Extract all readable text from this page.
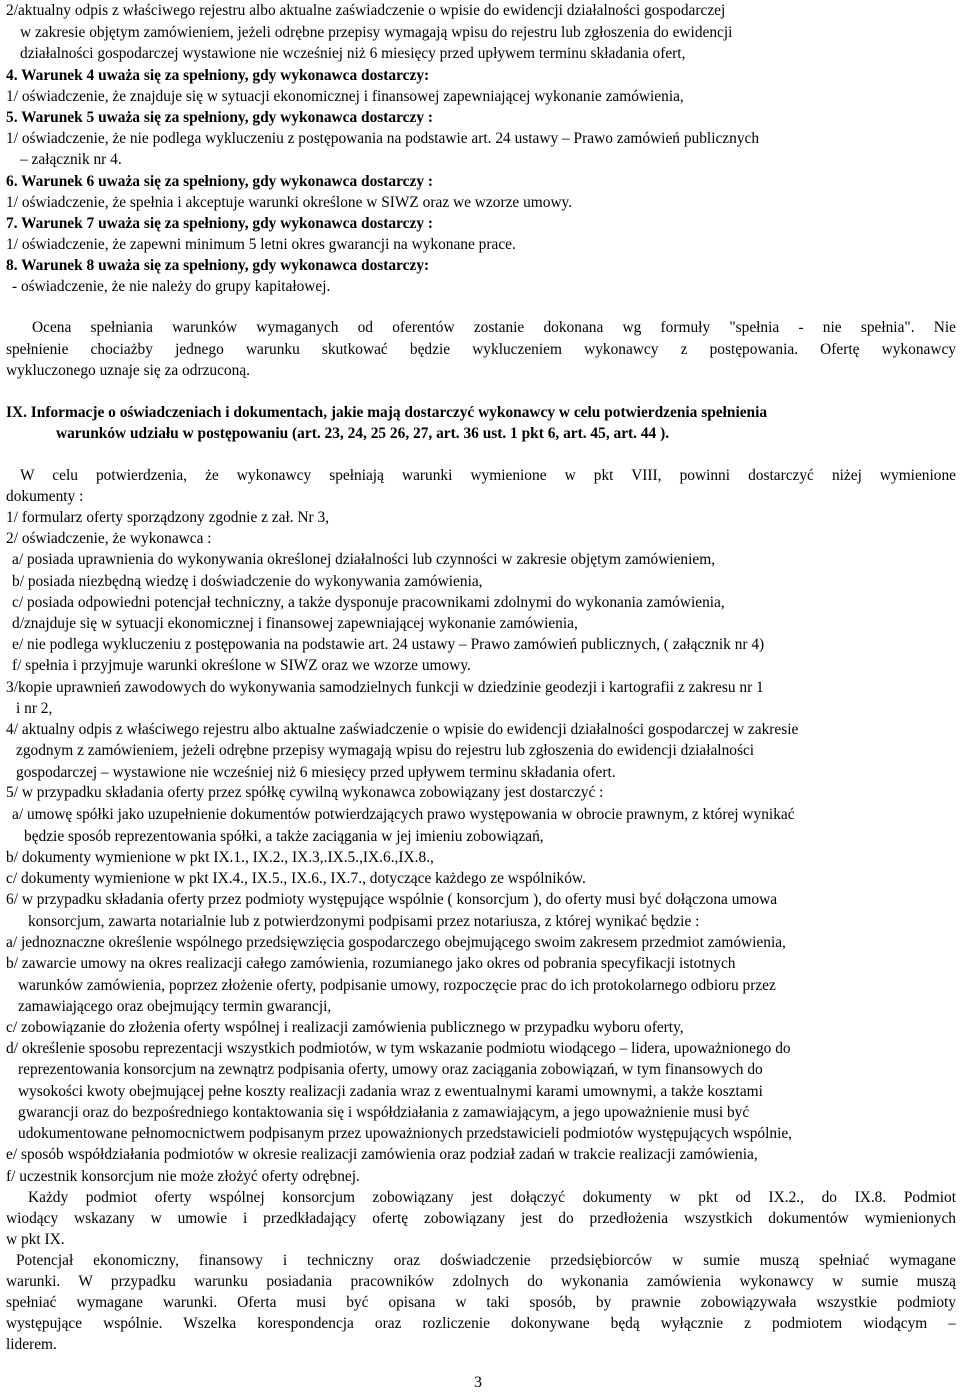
2/aktualny odpis z właściwego rejestru albo aktualne zaświadczenie o wpisie do ewidencji działalności gospodarczej
w zakresie objętym zamówieniem, jeżeli odrębne przepisy wymagają wpisu do rejestru lub zgłoszenia do ewidencji
działalności gospodarczej wystawione nie wcześniej niż 6 miesięcy przed upływem terminu składania ofert,
4. Warunek 4 uważa się za spełniony, gdy wykonawca dostarczy:
1/ oświadczenie, że znajduje się w sytuacji ekonomicznej i finansowej zapewniającej wykonanie zamówienia,
5. Warunek 5 uważa się za spełniony, gdy wykonawca dostarczy :
1/ oświadczenie, że nie podlega wykluczeniu z postępowania na podstawie art. 24 ustawy – Prawo zamówień publicznych
– załącznik nr 4.
6. Warunek 6 uważa się za spełniony, gdy wykonawca dostarczy :
1/ oświadczenie, że spełnia i akceptuje warunki określone w SIWZ oraz we wzorze umowy.
7. Warunek 7 uważa się za spełniony, gdy wykonawca dostarczy :
1/ oświadczenie, że zapewni minimum 5 letni okres gwarancji na wykonane prace.
8. Warunek 8 uważa się za spełniony, gdy wykonawca dostarczy:
- oświadczenie, że nie należy do grupy kapitałowej.
Ocena spełniania warunków wymaganych od oferentów zostanie dokonana wg formuły "spełnia - nie spełnia". Nie
spełnienie chociażby jednego warunku skutkować będzie wykluczeniem wykonawcy z postępowania. Ofertę wykonawcy
wykluczonego uznaje się za odrzuconą.
IX. Informacje o oświadczeniach i dokumentach, jakie mają dostarczyć wykonawcy w celu potwierdzenia spełnienia
warunków udziału w postępowaniu (art. 23, 24, 25 26, 27, art. 36 ust. 1 pkt 6, art. 45, art. 44 ).
W celu potwierdzenia, że wykonawcy spełniają warunki wymienione w pkt VIII, powinni dostarczyć niżej wymienione
dokumenty :
1/ formularz oferty sporządzony zgodnie z zał. Nr 3,
2/ oświadczenie, że wykonawca :
a/ posiada uprawnienia do wykonywania określonej działalności lub czynności w zakresie objętym zamówieniem,
b/ posiada niezbędną wiedzę i doświadczenie do wykonywania zamówienia,
c/ posiada odpowiedni potencjał techniczny, a także dysponuje pracownikami zdolnymi do wykonania zamówienia,
d/znajduje się w sytuacji ekonomicznej i finansowej zapewniającej wykonanie zamówienia,
e/ nie podlega wykluczeniu z postępowania na podstawie art. 24 ustawy – Prawo zamówień publicznych, ( załącznik nr 4)
f/ spełnia i przyjmuje warunki określone w SIWZ oraz we wzorze umowy.
3/kopie uprawnień zawodowych do wykonywania samodzielnych funkcji w dziedzinie geodezji i kartografii z zakresu nr 1
i nr 2,
4/ aktualny odpis z właściwego rejestru albo aktualne zaświadczenie o wpisie do ewidencji działalności gospodarczej w zakresie
zgodnym z zamówieniem, jeżeli odrębne przepisy wymagają wpisu do rejestru lub zgłoszenia do ewidencji działalności
gospodarczej – wystawione nie wcześniej niż 6 miesięcy przed upływem terminu składania ofert.
5/ w przypadku składania oferty przez spółkę cywilną wykonawca zobowiązany jest dostarczyć :
a/ umowę spółki jako uzupełnienie dokumentów potwierdzających prawo występowania w obrocie prawnym, z której wynikać
będzie sposób reprezentowania spółki, a także zaciągania w jej imieniu zobowiązań,
b/ dokumenty wymienione w pkt IX.1., IX.2., IX.3,.IX.5.,IX.6.,IX.8.,
c/ dokumenty wymienione w pkt IX.4., IX.5., IX.6., IX.7., dotyczące każdego ze wspólników.
6/ w przypadku składania oferty przez podmioty występujące wspólnie ( konsorcjum ), do oferty musi być dołączona umowa
konsorcjum, zawarta notarialnie lub z potwierdzonymi podpisami przez notariusza, z której wynikać będzie :
a/ jednoznaczne określenie wspólnego przedsięwzięcia gospodarczego obejmującego swoim zakresem przedmiot zamówienia,
b/ zawarcie umowy na okres realizacji całego zamówienia, rozumianego jako okres od pobrania specyfikacji istotnych
warunków zamówienia, poprzez złożenie oferty, podpisanie umowy, rozpoczęcie prac do ich protokolarnego odbioru przez
zamawiającego oraz obejmujący termin gwarancji,
c/ zobowiązanie do złożenia oferty wspólnej i realizacji zamówienia publicznego w przypadku wyboru oferty,
d/ określenie sposobu reprezentacji wszystkich podmiotów, w tym wskazanie podmiotu wiodącego – lidera, upoważnionego do
reprezentowania konsorcjum na zewnątrz podpisania oferty, umowy oraz zaciągania zobowiązań, w tym finansowych do
wysokości kwoty obejmującej pełne koszty realizacji zadania wraz z ewentualnymi karami umownymi, a także kosztami
gwarancji oraz do bezpośredniego kontaktowania się i współdziałania z zamawiającym, a jego upoważnienie musi być
udokumentowane pełnomocnictwem podpisanym przez upoważnionych przedstawicieli podmiotów występujących wspólnie,
e/ sposób współdziałania podmiotów w okresie realizacji zamówienia oraz podział zadań w trakcie realizacji zamówienia,
f/ uczestnik konsorcjum nie może złożyć oferty odrębnej.
Każdy podmiot oferty wspólnej konsorcjum zobowiązany jest dołączyć dokumenty w pkt od IX.2., do IX.8. Podmiot
wiodący wskazany w umowie i przedkładający ofertę zobowiązany jest do przedłożenia wszystkich dokumentów wymienionych
w pkt IX.
Potencjał ekonomiczny, finansowy i techniczny oraz doświadczenie przedsiębiorców w sumie muszą spełniać wymagane
warunki. W przypadku warunku posiadania pracowników zdolnych do wykonania zamówienia wykonawcy w sumie muszą
spełniać wymagane warunki. Oferta musi być opisana w taki sposób, by prawnie zobowiązywała wszystkie podmioty
występujące wspólnie. Wszelka korespondencja oraz rozliczenie dokonywane będą wyłącznie z podmiotem wiodącym –
liderem.
3
